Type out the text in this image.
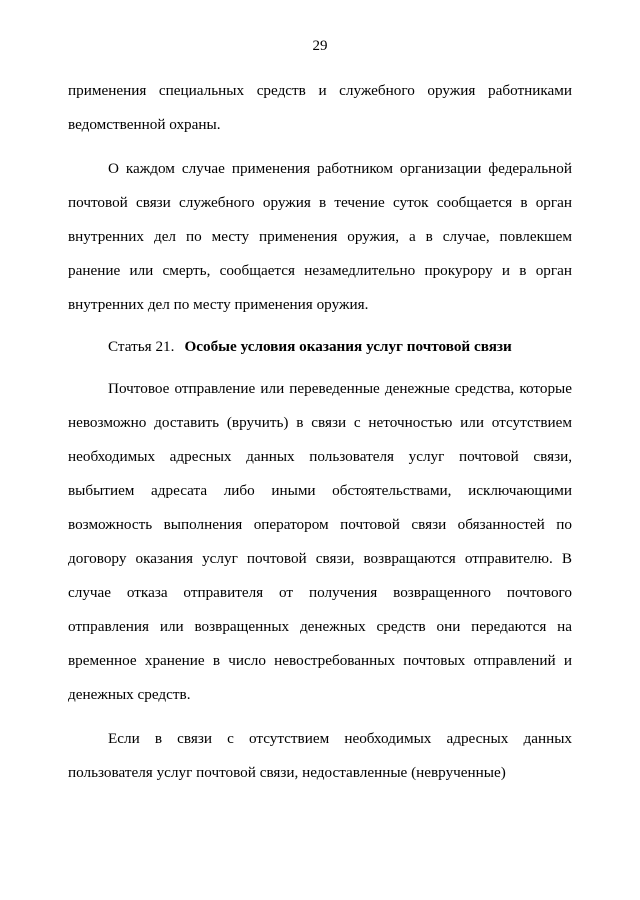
29

применения специальных средств и служебного оружия работниками ведомственной охраны.

О каждом случае применения работником организации федеральной почтовой связи служебного оружия в течение суток сообщается в орган внутренних дел по месту применения оружия, а в случае, повлекшем ранение или смерть, сообщается незамедлительно прокурору и в орган внутренних дел по месту применения оружия.

Статья 21. Особые условия оказания услуг почтовой связи

Почтовое отправление или переведенные денежные средства, которые невозможно доставить (вручить) в связи с неточностью или отсутствием необходимых адресных данных пользователя услуг почтовой связи, выбытием адресата либо иными обстоятельствами, исключающими возможность выполнения оператором почтовой связи обязанностей по договору оказания услуг почтовой связи, возвращаются отправителю. В случае отказа отправителя от получения возвращенного почтового отправления или возвращенных денежных средств они передаются на временное хранение в число невостребованных почтовых отправлений и денежных средств.

Если в связи с отсутствием необходимых адресных данных пользователя услуг почтовой связи, недоставленные (неврученные)
